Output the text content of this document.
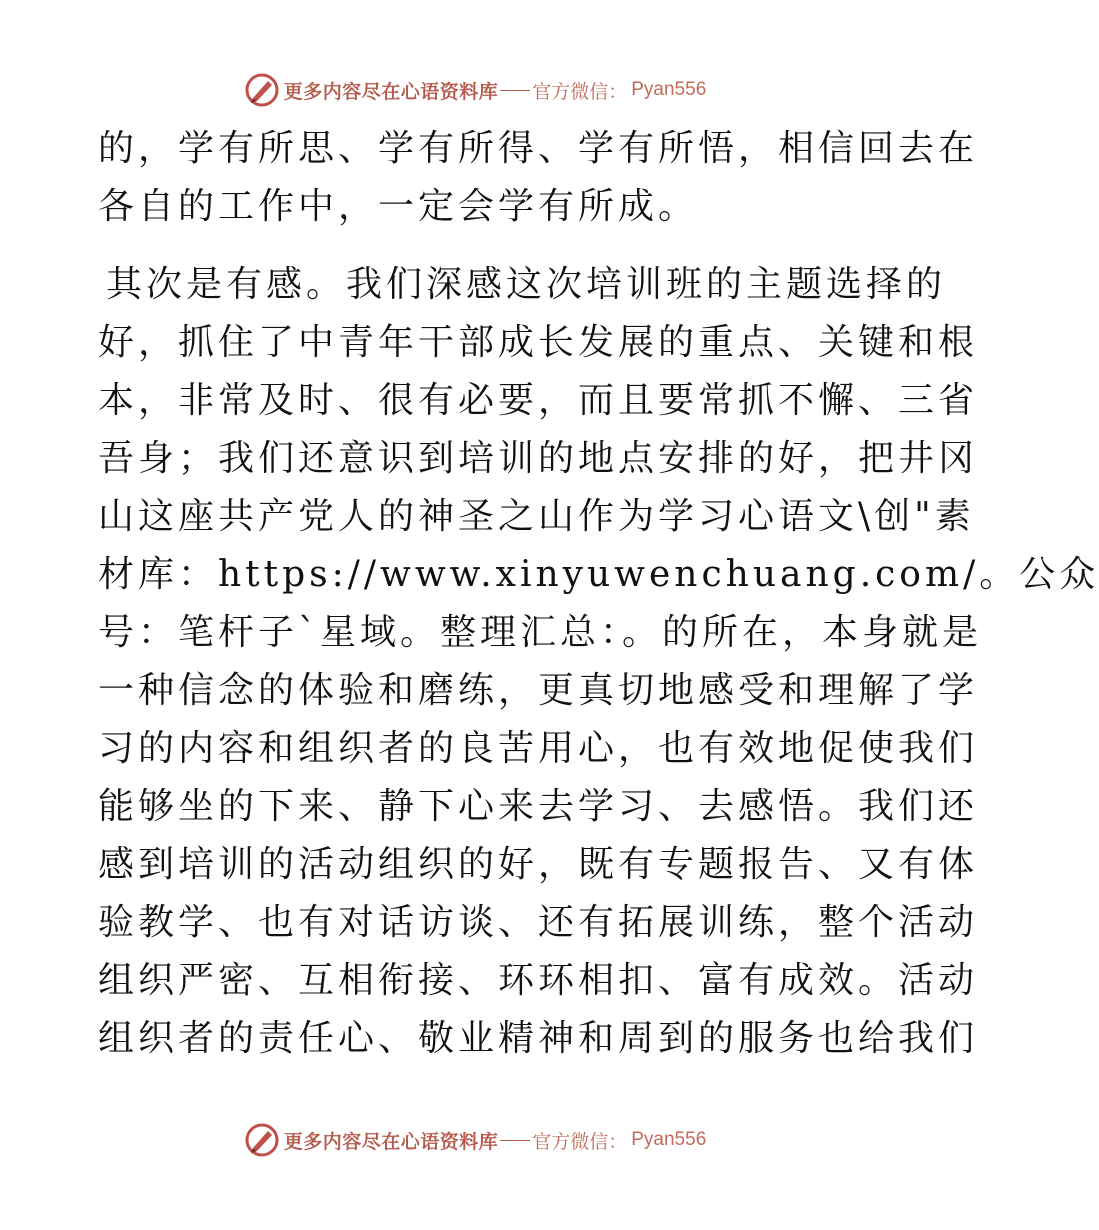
更多内容尽在心语资料库 官方微信： Pyan556
的，学有所思、学有所得、学有所悟，相信回去在
各自的工作中，一定会学有所成。
其次是有感。我们深感这次培训班的主题选择的
好，抓住了中青年干部成长发展的重点、关键和根
本，非常及时、很有必要，而且要常抓不懈、三省
吾身；我们还意识到培训的地点安排的好，把井冈
山这座共产党人的神圣之山作为学习心语文\创"素
材库：https://www.xinyuwenchuang.com/。公众
号：笔杆子`星域。整理汇总：。的所在，本身就是
一种信念的体验和磨练，更真切地感受和理解了学
习的内容和组织者的良苦用心，也有效地促使我们
能够坐的下来、静下心来去学习、去感悟。我们还
感到培训的活动组织的好，既有专题报告、又有体
验教学、也有对话访谈、还有拓展训练，整个活动
组织严密、互相衔接、环环相扣、富有成效。活动
组织者的责任心、敬业精神和周到的服务也给我们
更多内容尽在心语资料库 官方微信： Pyan556
